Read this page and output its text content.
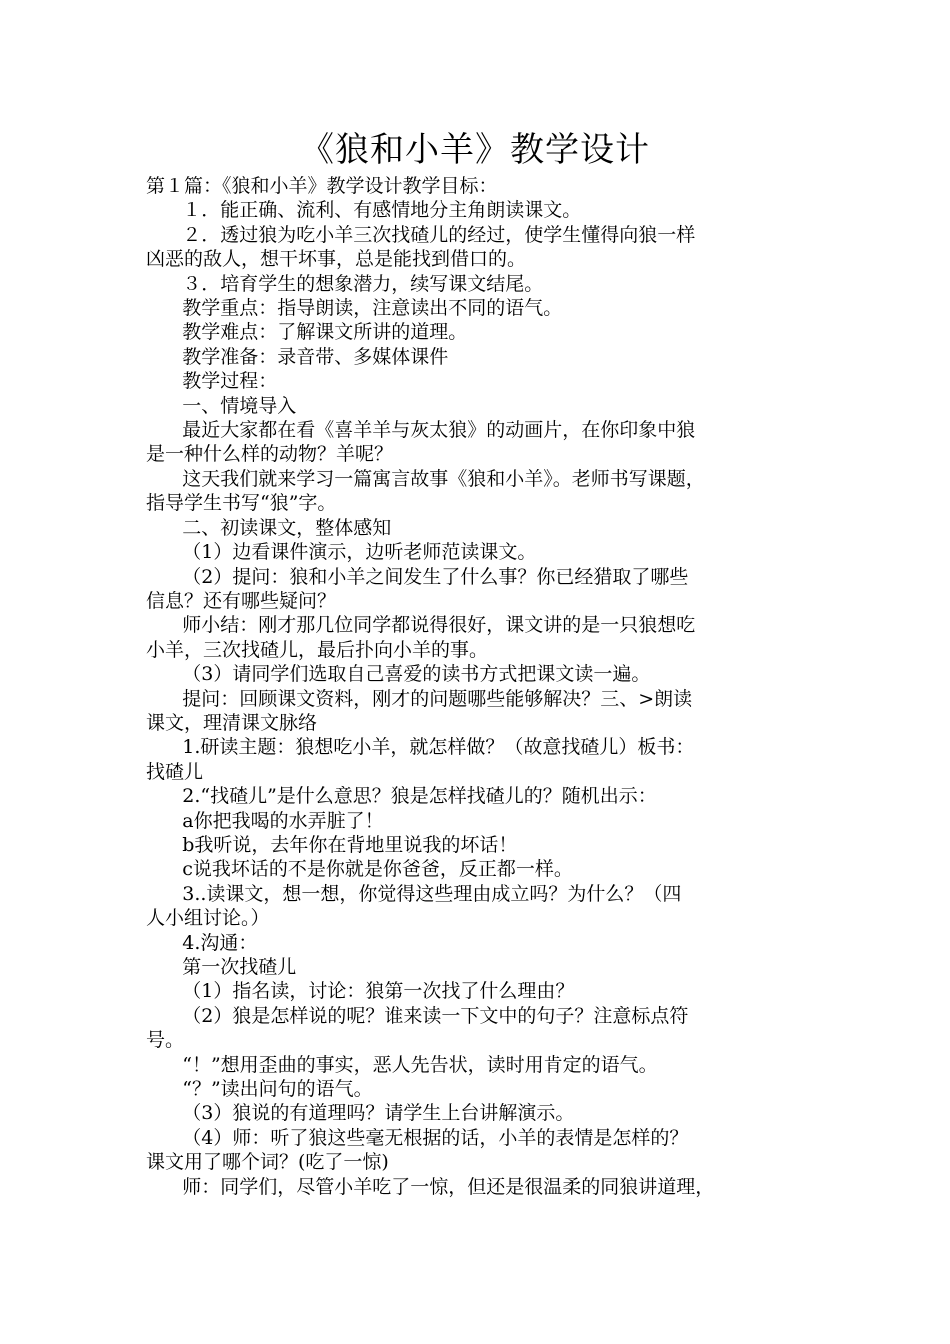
《狼和小羊》教学设计
第１篇：《狼和小羊》教学设计教学目标：
１．能正确、流利、有感情地分主角朗读课文。
２．透过狼为吃小羊三次找碴儿的经过，使学生懂得向狼一样
凶恶的敌人，想干坏事，总是能找到借口的。
３．培育学生的想象潜力，续写课文结尾。
教学重点：指导朗读，注意读出不同的语气。
教学难点：了解课文所讲的道理。
教学准备：录音带、多媒体课件
教学过程：
一、情境导入
最近大家都在看《喜羊羊与灰太狼》的动画片，在你印象中狼
是一种什么样的动物？羊呢？
这天我们就来学习一篇寓言故事《狼和小羊》。老师书写课题，
指导学生书写“狼”字。
二、初读课文，整体感知
（1）边看课件演示，边听老师范读课文。
（2）提问：狼和小羊之间发生了什么事？你已经猎取了哪些
信息？还有哪些疑问？
师小结：刚才那几位同学都说得很好，课文讲的是一只狼想吃
小羊，三次找碴儿，最后扑向小羊的事。
（3）请同学们选取自己喜爱的读书方式把课文读一遍。
提问：回顾课文资料，刚才的问题哪些能够解决？三、>朗读
课文，理清课文脉络
1.研读主题：狼想吃小羊，就怎样做？（故意找碴儿）板书：
找碴儿
2.“找碴儿”是什么意思？狼是怎样找碴儿的？随机出示：
a你把我喝的水弄脏了！
b我听说，去年你在背地里说我的坏话！
c说我坏话的不是你就是你爸爸，反正都一样。
3..读课文，想一想，你觉得这些理由成立吗？为什么？（四
人小组讨论。）
4.沟通：
第一次找碴儿
（1）指名读，讨论：狼第一次找了什么理由？
（2）狼是怎样说的呢？谁来读一下文中的句子？注意标点符
号。
“！”想用歪曲的事实，恶人先告状，读时用肯定的语气。
“？”读出问句的语气。
（3）狼说的有道理吗？请学生上台讲解演示。
（4）师：听了狼这些毫无根据的话，小羊的表情是怎样的？
课文用了哪个词？(吃了一惊)
师：同学们，尽管小羊吃了一惊，但还是很温柔的同狼讲道理，
